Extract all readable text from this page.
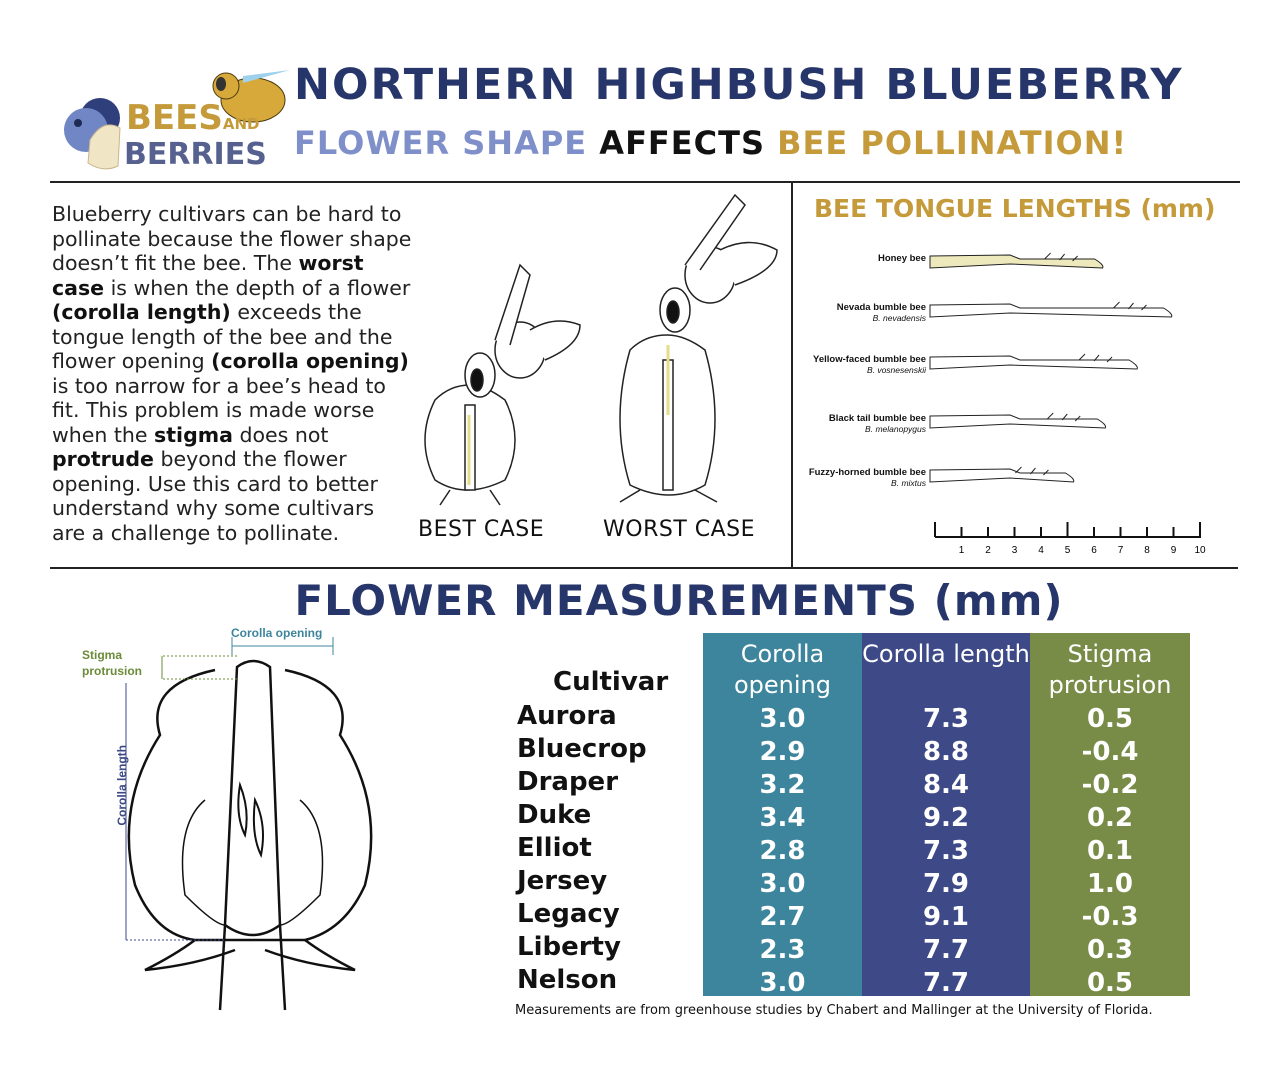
BEESAND
BERRIES
NORTHERN HIGHBUSH BLUEBERRY
FLOWER SHAPE AFFECTS BEE POLLINATION!
Blueberry cultivars can be hard to pollinate because the flower shape doesn’t fit the bee. The worst case is when the depth of a flower (corolla length) exceeds the tongue length of the bee and the flower opening (corolla opening) is too narrow for a bee’s head to fit. This problem is made worse when the stigma does not protrude beyond the flower opening. Use this card to better understand why some cultivars are a challenge to pollinate.	BEST CASE	WORST CASE
BEE TONGUE LENGTHS (mm)
Honey bee
Nevada bumble bee
B. nevadensis
Yellow-faced bumble bee
B. vosnesenskii
Black tail bumble bee
B. melanopygus
Fuzzy-horned bumble bee
B. mixtus
1 2 3 4 5 6 7 8 9 10
FLOWER MEASUREMENTS (mm)
Corolla opening
Stigma protrusion
Corolla length
Cultivar
Aurora
Bluecrop
Draper
Duke
Elliot
Jersey
Legacy
Liberty
Nelson
Corolla opening
3.0
2.9
3.2
3.4
2.8
3.0
2.7
2.3
3.0
Corolla length
7.3
8.8
8.4
9.2
7.3
7.9
9.1
7.7
7.7
Stigma protrusion
0.5
-0.4
-0.2
0.2
0.1
1.0
-0.3
0.3
0.5
Measurements are from greenhouse studies by Chabert and Mallinger at the University of Florida.
